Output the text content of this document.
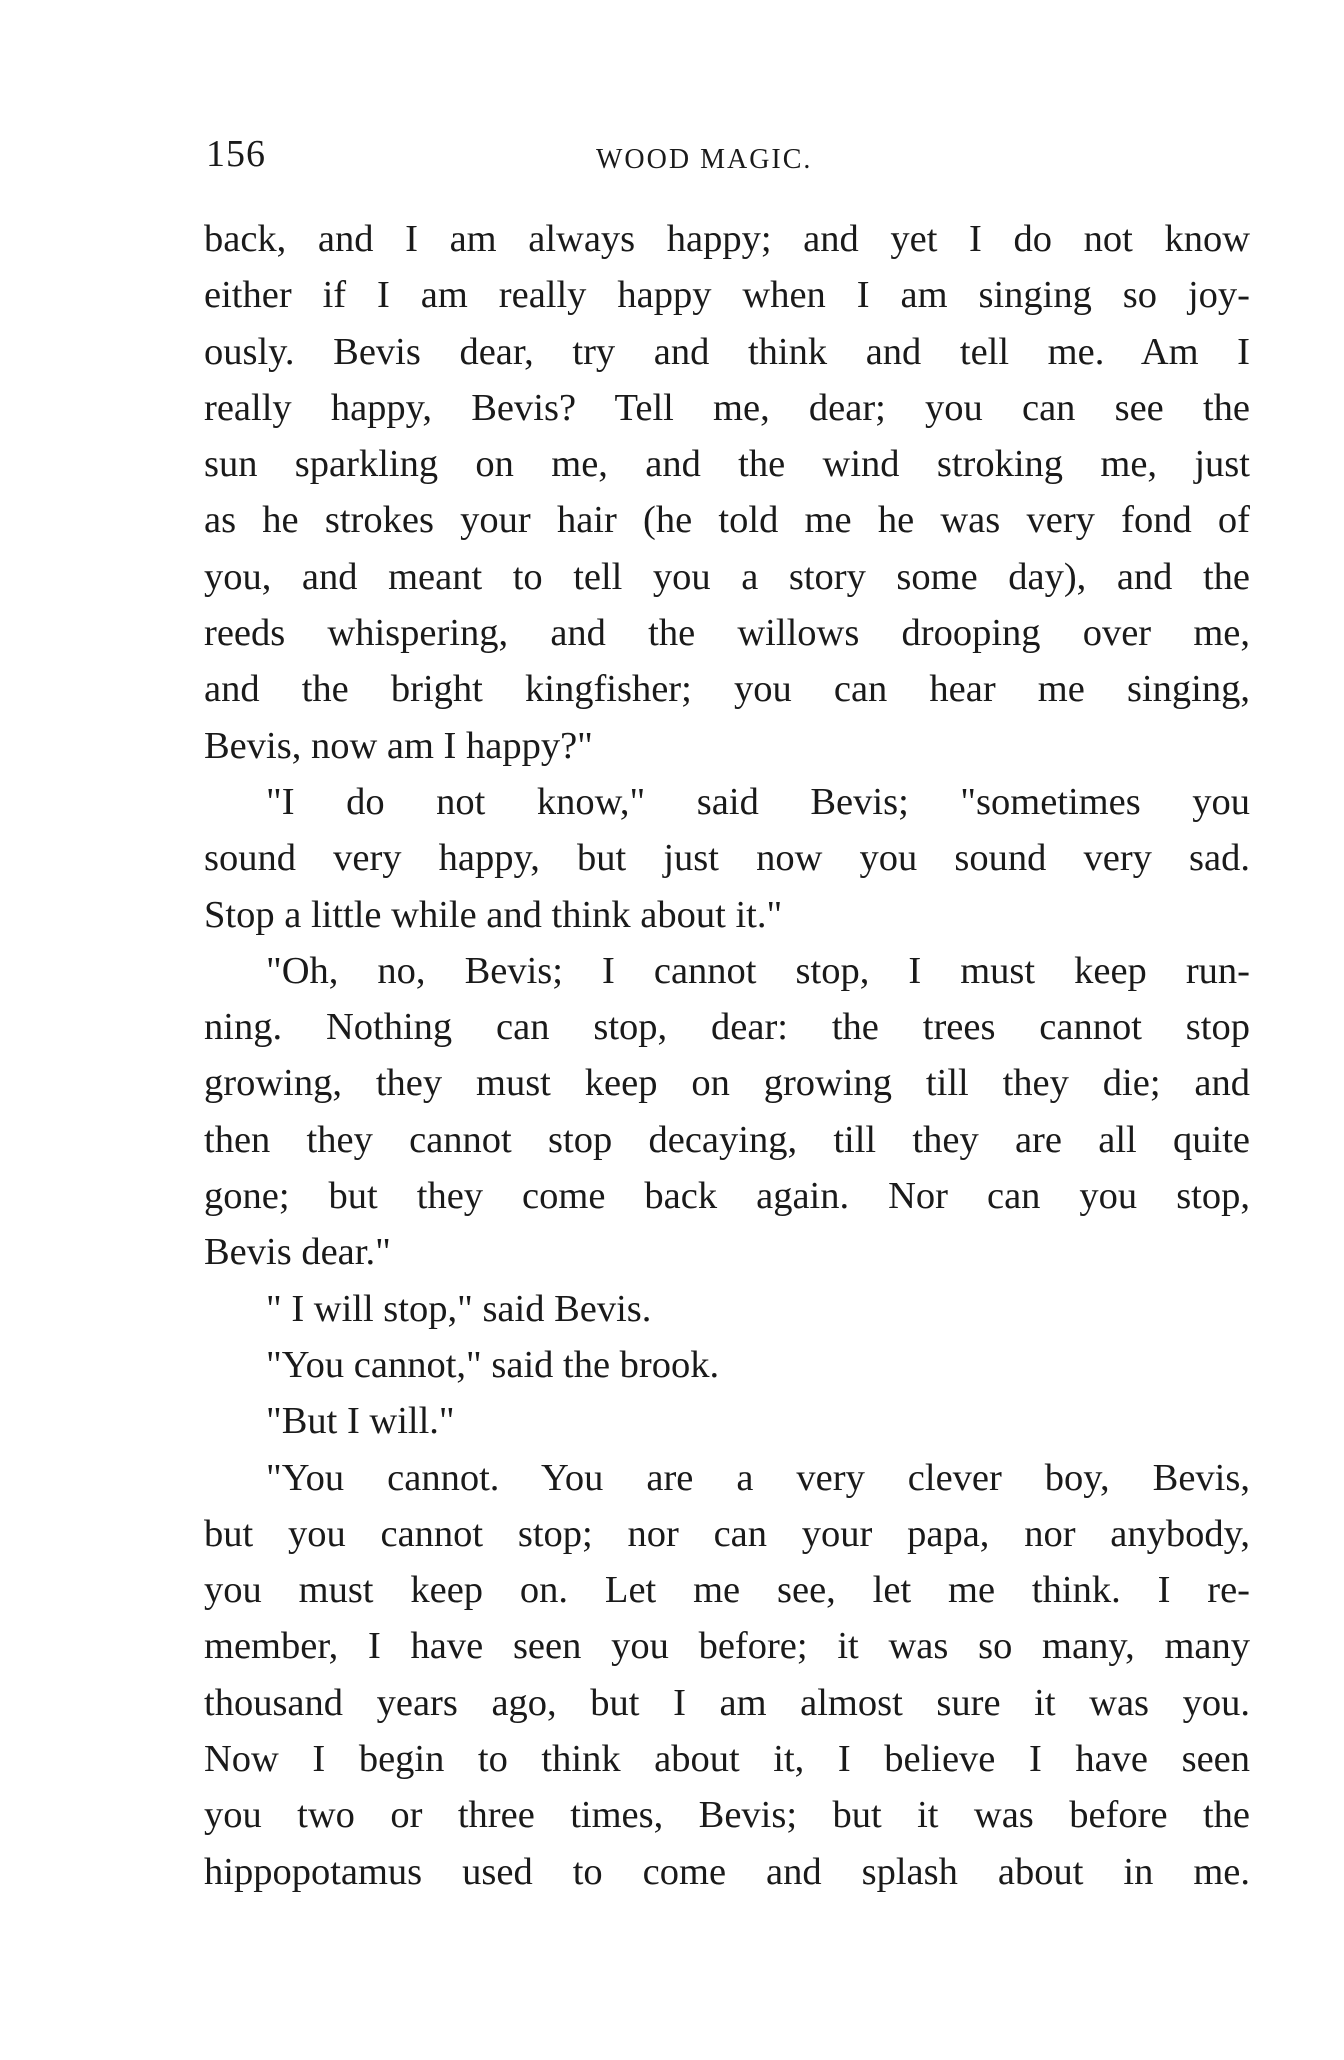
156	WOOD MAGIC.
back, and I am always happy; and yet I do not know
either if I am really happy when I am singing so joy-
ously. Bevis dear, try and think and tell me. Am I
really happy, Bevis? Tell me, dear; you can see the
sun sparkling on me, and the wind stroking me, just
as he strokes your hair (he told me he was very fond of
you, and meant to tell you a story some day), and the
reeds whispering, and the willows drooping over me,
and the bright kingfisher; you can hear me singing,
Bevis, now am I happy?"
"I do not know," said Bevis; "sometimes you
sound very happy, but just now you sound very sad.
Stop a little while and think about it."
"Oh, no, Bevis; I cannot stop, I must keep run-
ning. Nothing can stop, dear: the trees cannot stop
growing, they must keep on growing till they die; and
then they cannot stop decaying, till they are all quite
gone; but they come back again. Nor can you stop,
Bevis dear."
" I will stop," said Bevis.
"You cannot," said the brook.
"But I will."
"You cannot. You are a very clever boy, Bevis,
but you cannot stop; nor can your papa, nor anybody,
you must keep on. Let me see, let me think. I re-
member, I have seen you before; it was so many, many
thousand years ago, but I am almost sure it was you.
Now I begin to think about it, I believe I have seen
you two or three times, Bevis; but it was before the
hippopotamus used to come and splash about in me.
